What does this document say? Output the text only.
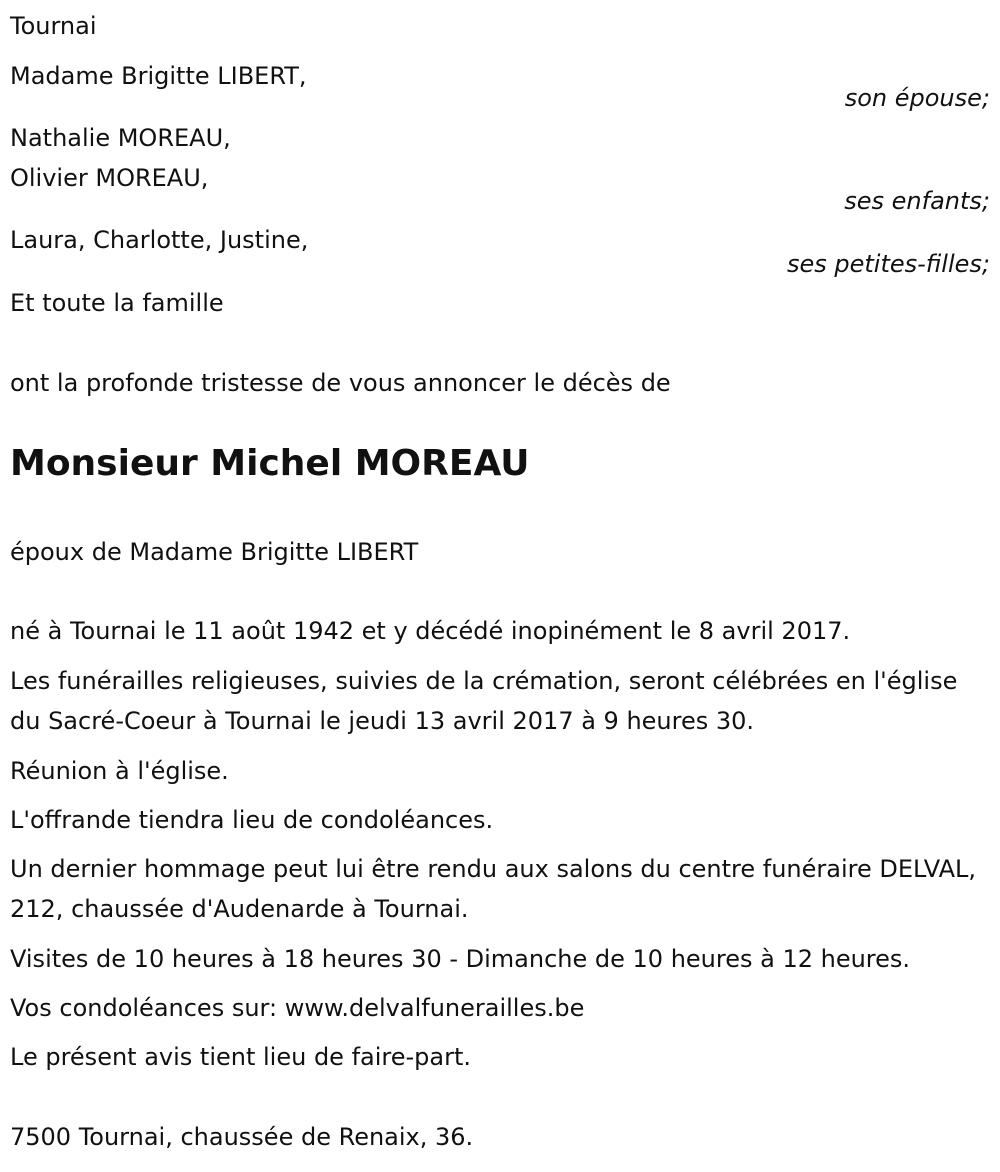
Tournai
Madame Brigitte LIBERT,
son épouse;
Nathalie MOREAU,
Olivier MOREAU,
ses enfants;
Laura, Charlotte, Justine,
ses petites-filles;
Et toute la famille
ont la profonde tristesse de vous annoncer le décès de
Monsieur Michel MOREAU
époux de Madame Brigitte LIBERT
né à Tournai le 11 août 1942 et y décédé inopinément le 8 avril 2017.
Les funérailles religieuses, suivies de la crémation, seront célébrées en l'église du Sacré-Coeur à Tournai le jeudi 13 avril 2017 à 9 heures 30.
Réunion à l'église.
L'offrande tiendra lieu de condoléances.
Un dernier hommage peut lui être rendu aux salons du centre funéraire DELVAL, 212, chaussée d'Audenarde à Tournai.
Visites de 10 heures à 18 heures 30 - Dimanche de 10 heures à 12 heures.
Vos condoléances sur: www.delvalfunerailles.be
Le présent avis tient lieu de faire-part.
7500 Tournai, chaussée de Renaix, 36.
